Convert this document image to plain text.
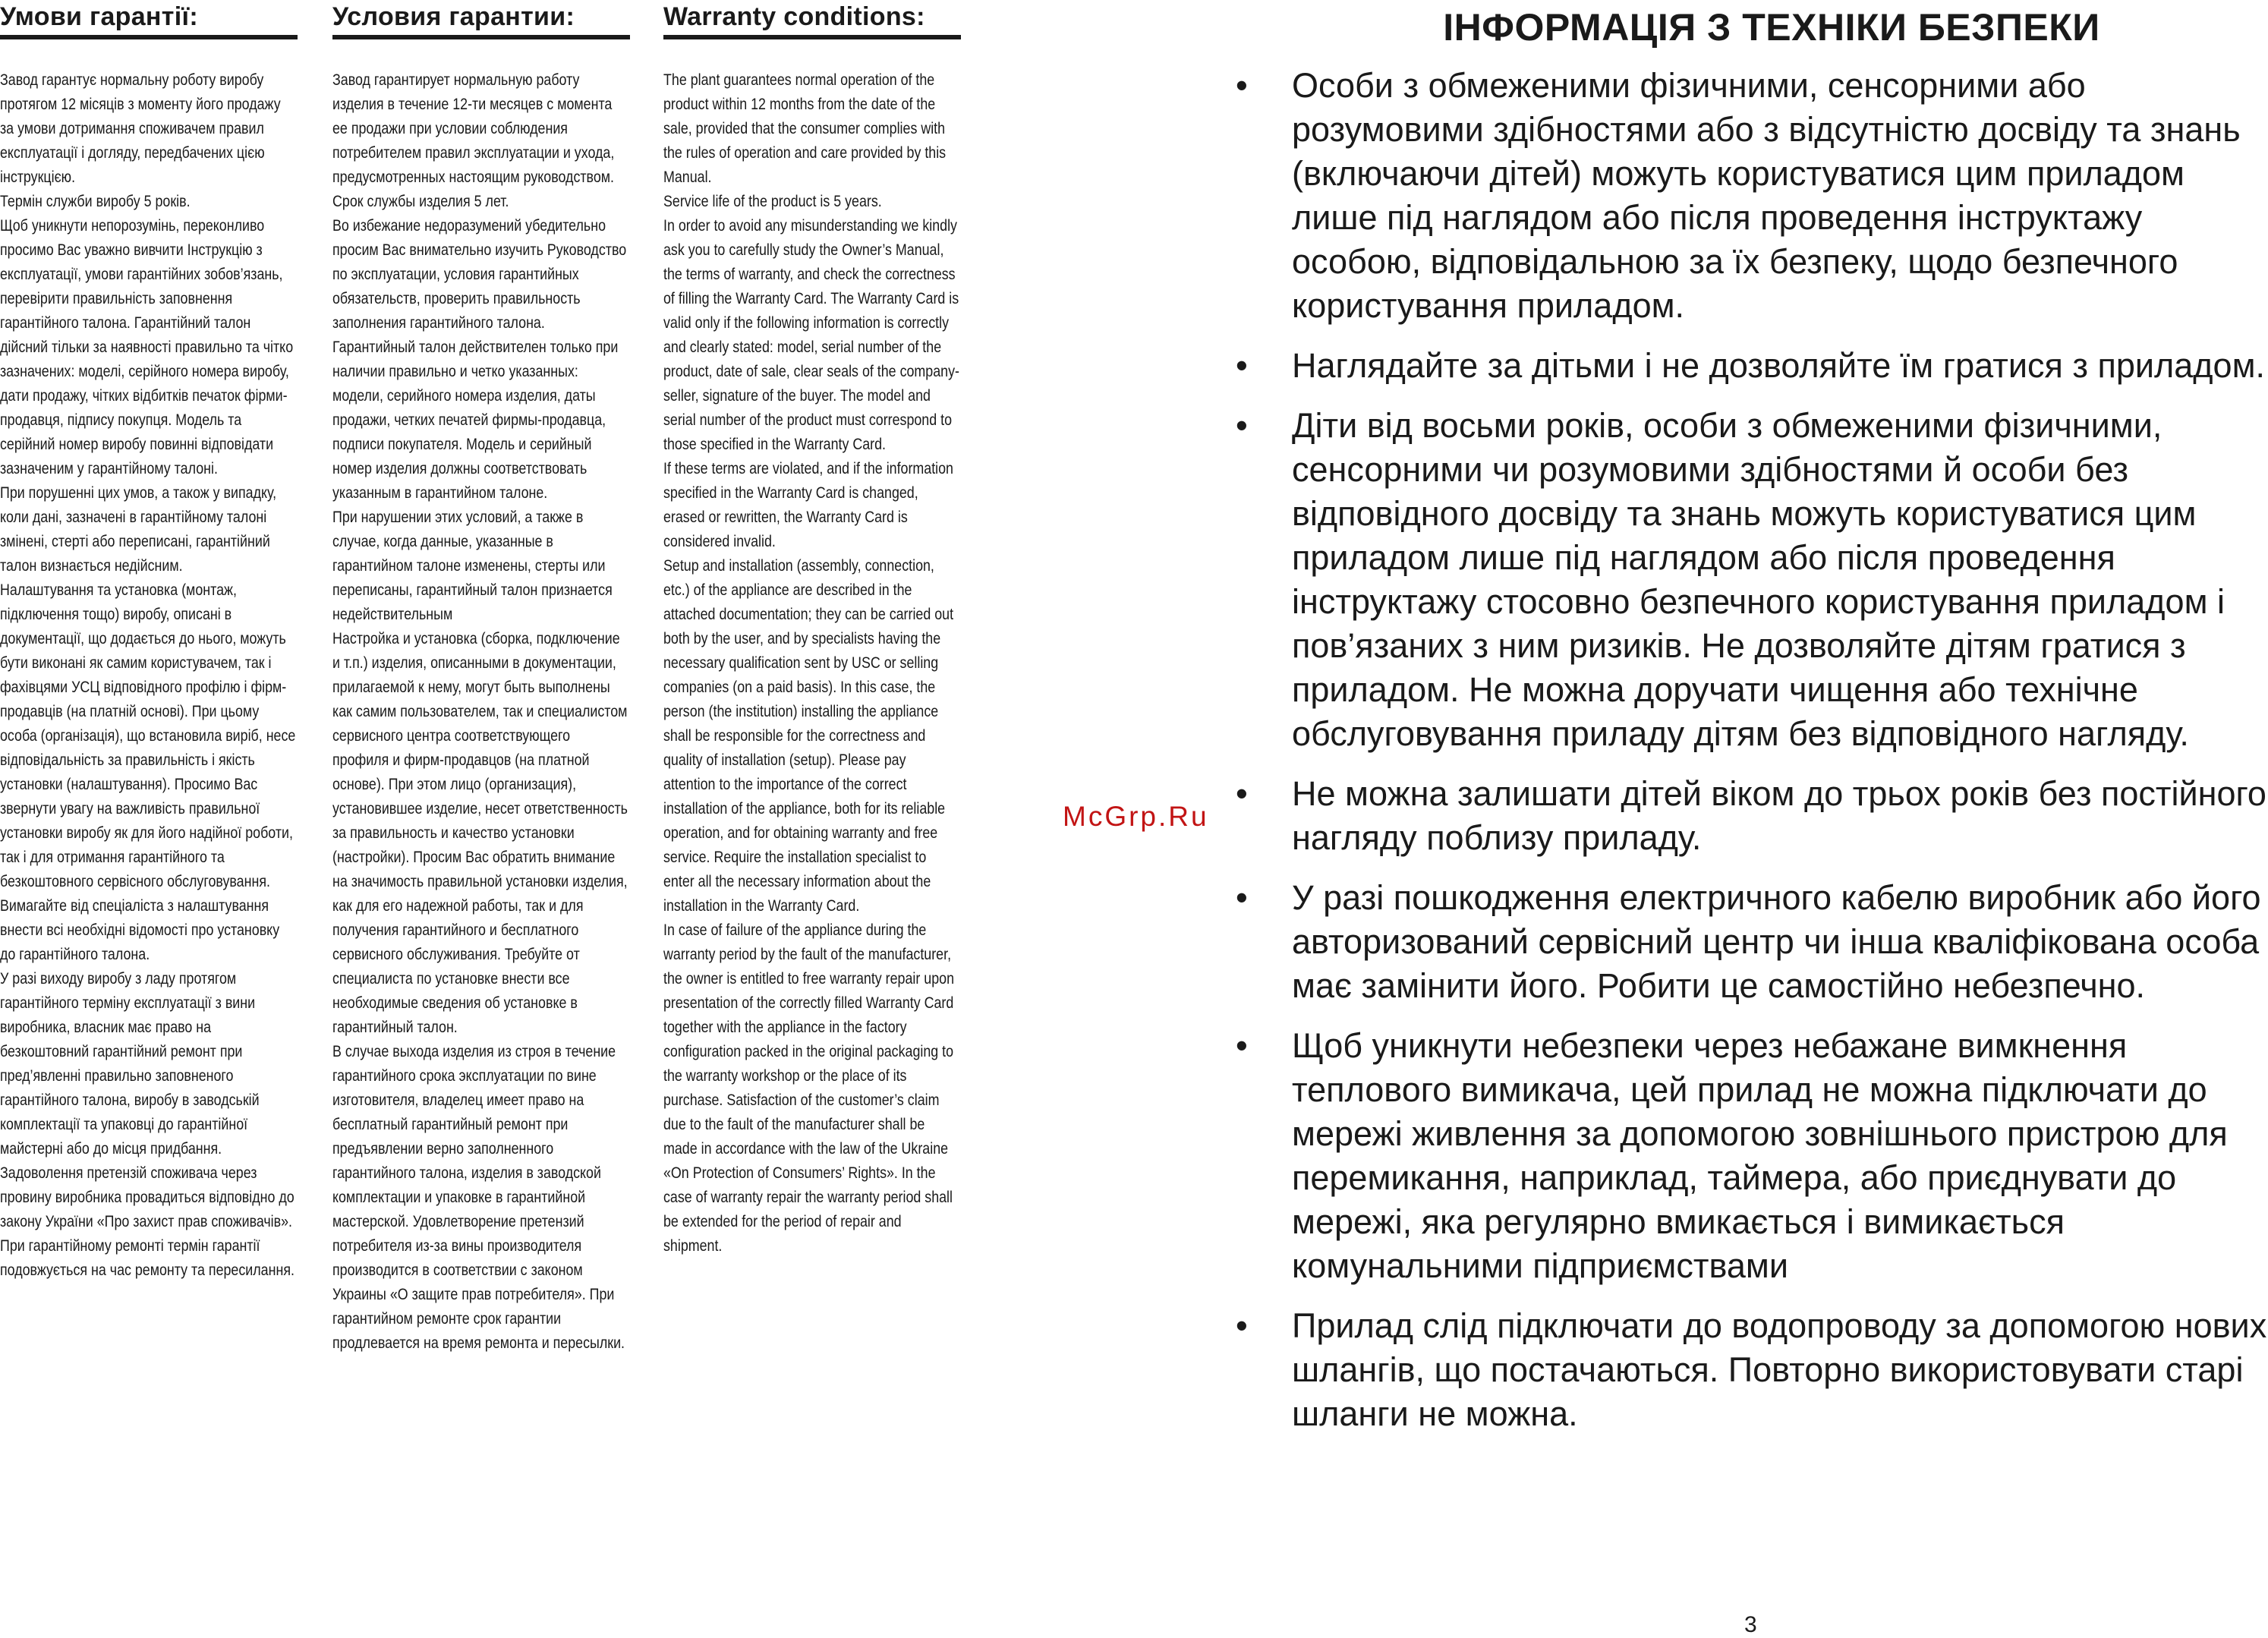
Умови гарантії:

Завод гарантує нормальну роботу виробу протягом 12 місяців з моменту його продажу за умови дотримання споживачем правил експлуатації і догляду, передбачених цією інструкцією.

Термін служби виробу 5 років.

Щоб уникнути непорозумінь, переконливо просимо Вас уважно вивчити Інструкцію з експлуатації, умови гарантійних зобов’язань, перевірити правильність заповнення гарантійного талона. Гарантійний талон дійсний тільки за наявності правильно та чітко зазначених: моделі, серійного номера виробу, дати продажу, чітких відбитків печаток фірми-продавця, підпису покупця. Модель та серійний номер виробу повинні відповідати зазначеним у гарантійному талоні.

При порушенні цих умов, а також у випадку, коли дані, зазначені в гарантійному талоні змінені, стерті або переписані, гарантійний талон визнається недійсним.

Налаштування та установка (монтаж, підключення тощо) виробу, описані в документації, що додається до нього, можуть бути виконані як самим користувачем, так і фахівцями УСЦ відповідного профілю і фірм-продавців (на платній основі). При цьому особа (організація), що встановила виріб, несе відповідальність за правильність і якість установки (налаштування). Просимо Вас звернути увагу на важливість правильної установки виробу як для його надійної роботи, так і для отримання гарантійного та безкоштовного сервісного обслуговування. Вимагайте від спеціаліста з налаштування внести всі необхідні відомості про установку до гарантійного талона.

У разі виходу виробу з ладу протягом гарантійного терміну експлуатації з вини виробника, власник має право на безкоштовний гарантійний ремонт при пред’явленні правильно заповненого гарантійного талона, виробу в заводській комплектації та упаковці до гарантійної майстерні або до місця придбання. Задоволення претензій споживача через провину виробника провадиться відповідно до закону України «Про захист прав споживачів». При гарантійному ремонті термін гарантії подовжується на час ремонту та пересилання.

Условия гарантии:

Завод гарантирует нормальную работу изделия в течение 12-ти месяцев с момента ее продажи при условии соблюдения потребителем правил эксплуатации и ухода, предусмотренных настоящим руководством.

Срок службы изделия 5 лет.

Во избежание недоразумений убедительно просим Вас внимательно изучить Руководство по эксплуатации, условия гарантийных обязательств, проверить правильность заполнения гарантийного талона. Гарантийный талон действителен только при наличии правильно и четко указанных: модели, серийного номера изделия, даты продажи, четких печатей фирмы-продавца, подписи покупателя. Модель и серийный номер изделия должны соответствовать указанным в гарантийном талоне.

При нарушении этих условий, а также в случае, когда данные, указанные в гарантийном талоне изменены, стерты или переписаны, гарантийный талон признается недействительным

Настройка и установка (сборка, подключение и т.п.) изделия, описанными в документации, прилагаемой к нему, могут быть выполнены как самим пользователем, так и специалистом сервисного центра соответствующего профиля и фирм-продавцов (на платной основе). При этом лицо (организация), установившее изделие, несет ответственность за правильность и качество установки (настройки). Просим Вас обратить внимание на значимость правильной установки изделия, как для его надежной работы, так и для получения гарантийного и бесплатного сервисного обслуживания. Требуйте от специалиста по установке внести все необходимые сведения об установке в гарантийный талон.

В случае выхода изделия из строя в течение гарантийного срока эксплуатации по вине изготовителя, владелец имеет право на бесплатный гарантийный ремонт при предъявлении верно заполненного гарантийного талона, изделия в заводской комплектации и упаковке в гарантийной мастерской. Удовлетворение претензий потребителя из-за вины производителя производится в соответствии с законом Украины «О защите прав потребителя». При гарантийном ремонте срок гарантии продлевается на время ремонта и пересылки.

Warranty conditions:

The plant guarantees normal operation of the product within 12 months from the date of the sale, provided that the consumer complies with the rules of operation and care provided by this Manual.

Service life of the product is 5 years.

In order to avoid any misunderstanding we kindly ask you to carefully study the Owner’s Manual, the terms of warranty, and check the correctness of filling the Warranty Card. The Warranty Card is valid only if the following information is correctly and clearly stated: model, serial number of the product, date of sale, clear seals of the company-seller, signature of the buyer. The model and serial number of the product must correspond to those specified in the Warranty Card.

If these terms are violated, and if the information specified in the Warranty Card is changed, erased or rewritten, the Warranty Card is considered invalid.

Setup and installation (assembly, connection, etc.) of the appliance are described in the attached documentation; they can be carried out both by the user, and by specialists having the necessary qualification sent by USC or selling companies (on a paid basis). In this case, the person (the institution) installing the appliance shall be responsible for the correctness and quality of installation (setup). Please pay attention to the importance of the correct installation of the appliance, both for its reliable operation, and for obtaining warranty and free service. Require the installation specialist to enter all the necessary information about the installation in the Warranty Card.

In case of failure of the appliance during the warranty period by the fault of the manufacturer, the owner is entitled to free warranty repair upon presentation of the correctly filled Warranty Card together with the appliance in the factory configuration packed in the original packaging to the warranty workshop or the place of its purchase. Satisfaction of the customer’s claim due to the fault of the manufacturer shall be made in accordance with the law of the Ukraine «On Protection of Consumers’ Rights». In the case of warranty repair the warranty period shall be extended for the period of repair and shipment.

McGrp.Ru
ІНФОРМАЦІЯ З ТЕХНІКИ БЕЗПЕКИ
• Особи з обмеженими фізичними, сенсорними або розумовими здібностями або з відсутністю досвіду та знань (включаючи дітей) можуть користуватися цим приладом лише під наглядом або після проведення інструктажу особою, відповідальною за їх безпеку, щодо безпечного користування приладом.
• Наглядайте за дітьми і не дозволяйте їм гратися з приладом.
• Діти від восьми років, особи з обмеженими фізичними, сенсорними чи розумовими здібностями й особи без відповідного досвіду та знань можуть користуватися цим приладом лише під наглядом або після проведення інструктажу стосовно безпечного користування приладом і пов’язаних з ним ризиків. Не дозволяйте дітям гратися з приладом. Не можна доручати чищення або технічне обслуговування приладу дітям без відповідного нагляду.
• Не можна залишати дітей віком до трьох років без постійного нагляду поблизу приладу.
• У разі пошкодження електричного кабелю виробник або його авторизований сервісний центр чи інша кваліфікована особа має замінити його. Робити це самостійно небезпечно.
• Щоб уникнути небезпеки через небажане вимкнення теплового вимикача, цей прилад не можна підключати до мережі живлення за допомогою зовнішнього пристрою для перемикання, наприклад, таймера, або приєднувати до мережі, яка регулярно вмикається і вимикається комунальними підприємствами
• Прилад слід підключати до водопроводу за допомогою нових шлангів, що постачаються. Повторно використовувати старі шланги не можна.
3
